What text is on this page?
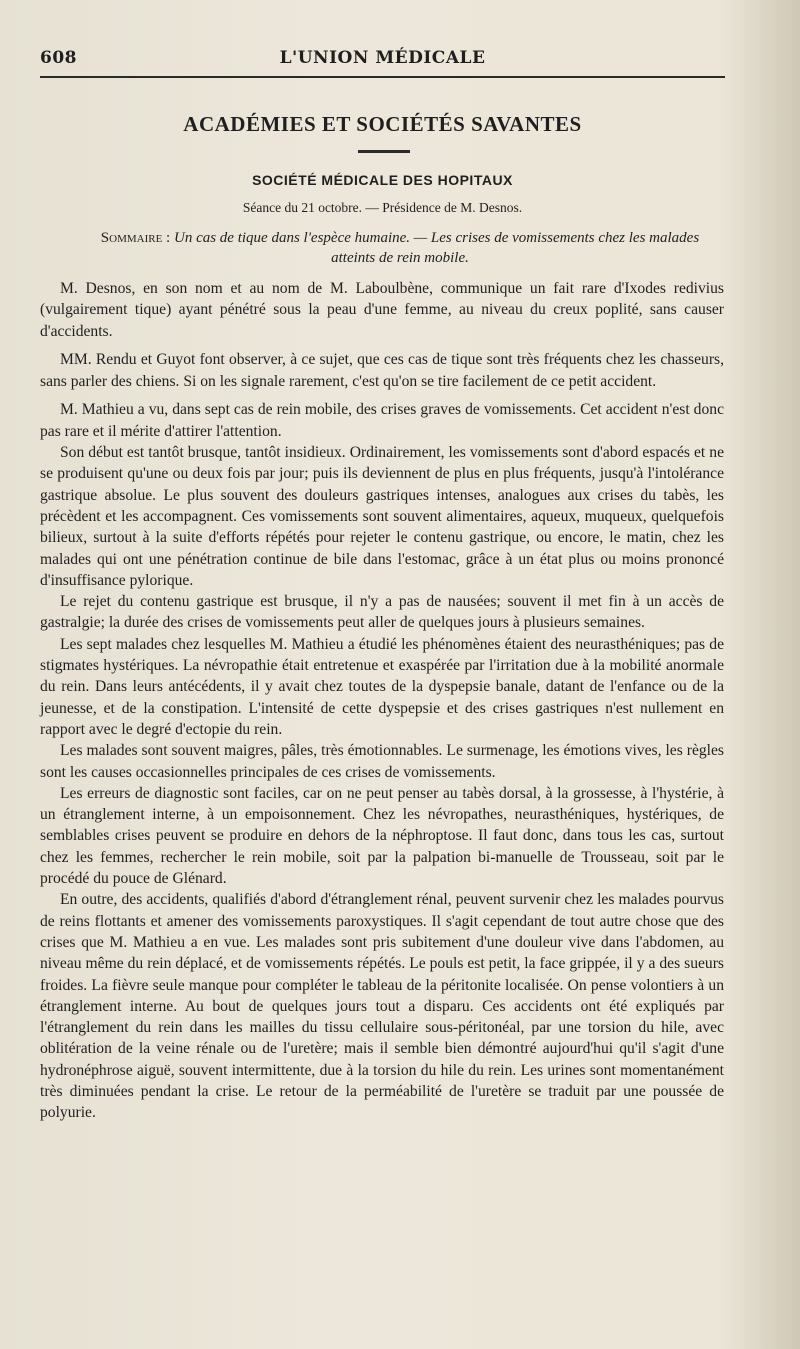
608	L'UNION MÉDICALE
ACADÉMIES ET SOCIÉTÉS SAVANTES
SOCIÉTÉ MÉDICALE DES HOPITAUX
Séance du 21 octobre. — Présidence de M. Desnos.
Sommaire : Un cas de tique dans l'espèce humaine. — Les crises de vomissements chez les malades atteints de rein mobile.

M. Desnos, en son nom et au nom de M. Laboulbène, communique un fait rare d'Ixodes redivius (vulgairement tique) ayant pénétré sous la peau d'une femme, au niveau du creux poplité, sans causer d'accidents.

MM. Rendu et Guyot font observer, à ce sujet, que ces cas de tique sont très fréquents chez les chasseurs, sans parler des chiens. Si on les signale rarement, c'est qu'on se tire facilement de ce petit accident.

M. Mathieu a vu, dans sept cas de rein mobile, des crises graves de vomissements. Cet accident n'est donc pas rare et il mérite d'attirer l'attention.

Son début est tantôt brusque, tantôt insidieux. Ordinairement, les vomissements sont d'abord espacés et ne se produisent qu'une ou deux fois par jour; puis ils deviennent de plus en plus fréquents, jusqu'à l'intolérance gastrique absolue. Le plus souvent des douleurs gastriques intenses, analogues aux crises du tabès, les précèdent et les accompagnent. Ces vomissements sont souvent alimentaires, aqueux, muqueux, quelquefois bilieux, surtout à la suite d'efforts répétés pour rejeter le contenu gastrique, ou encore, le matin, chez les malades qui ont une pénétration continue de bile dans l'estomac, grâce à un état plus ou moins prononcé d'insuffisance pylorique.

Le rejet du contenu gastrique est brusque, il n'y a pas de nausées; souvent il met fin à un accès de gastralgie; la durée des crises de vomissements peut aller de quelques jours à plusieurs semaines.

Les sept malades chez lesquelles M. Mathieu a étudié les phénomènes étaient des neurasthéniques; pas de stigmates hystériques. La névropathie était entretenue et exaspérée par l'irritation due à la mobilité anormale du rein. Dans leurs antécédents, il y avait chez toutes de la dyspepsie banale, datant de l'enfance ou de la jeunesse, et de la constipation. L'intensité de cette dyspepsie et des crises gastriques n'est nullement en rapport avec le degré d'ectopie du rein.

Les malades sont souvent maigres, pâles, très émotionnables. Le surmenage, les émotions vives, les règles sont les causes occasionnelles principales de ces crises de vomissements.

Les erreurs de diagnostic sont faciles, car on ne peut penser au tabès dorsal, à la grossesse, à l'hystérie, à un étranglement interne, à un empoisonnement. Chez les névropathes, neurasthéniques, hystériques, de semblables crises peuvent se produire en dehors de la néphroptose. Il faut donc, dans tous les cas, surtout chez les femmes, rechercher le rein mobile, soit par la palpation bi-manuelle de Trousseau, soit par le procédé du pouce de Glénard.

En outre, des accidents, qualifiés d'abord d'étranglement rénal, peuvent survenir chez les malades pourvus de reins flottants et amener des vomissements paroxystiques. Il s'agit cependant de tout autre chose que des crises que M. Mathieu a en vue. Les malades sont pris subitement d'une douleur vive dans l'abdomen, au niveau même du rein déplacé, et de vomissements répétés. Le pouls est petit, la face grippée, il y a des sueurs froides. La fièvre seule manque pour compléter le tableau de la péritonite localisée. On pense volontiers à un étranglement interne. Au bout de quelques jours tout a disparu. Ces accidents ont été expliqués par l'étranglement du rein dans les mailles du tissu cellulaire sous-péritonéal, par une torsion du hile, avec oblitération de la veine rénale ou de l'uretère; mais il semble bien démontré aujourd'hui qu'il s'agit d'une hydronéphrose aiguë, souvent intermittente, due à la torsion du hile du rein. Les urines sont momentanément très diminuées pendant la crise. Le retour de la perméabilité de l'uretère se traduit par une poussée de polyurie.
